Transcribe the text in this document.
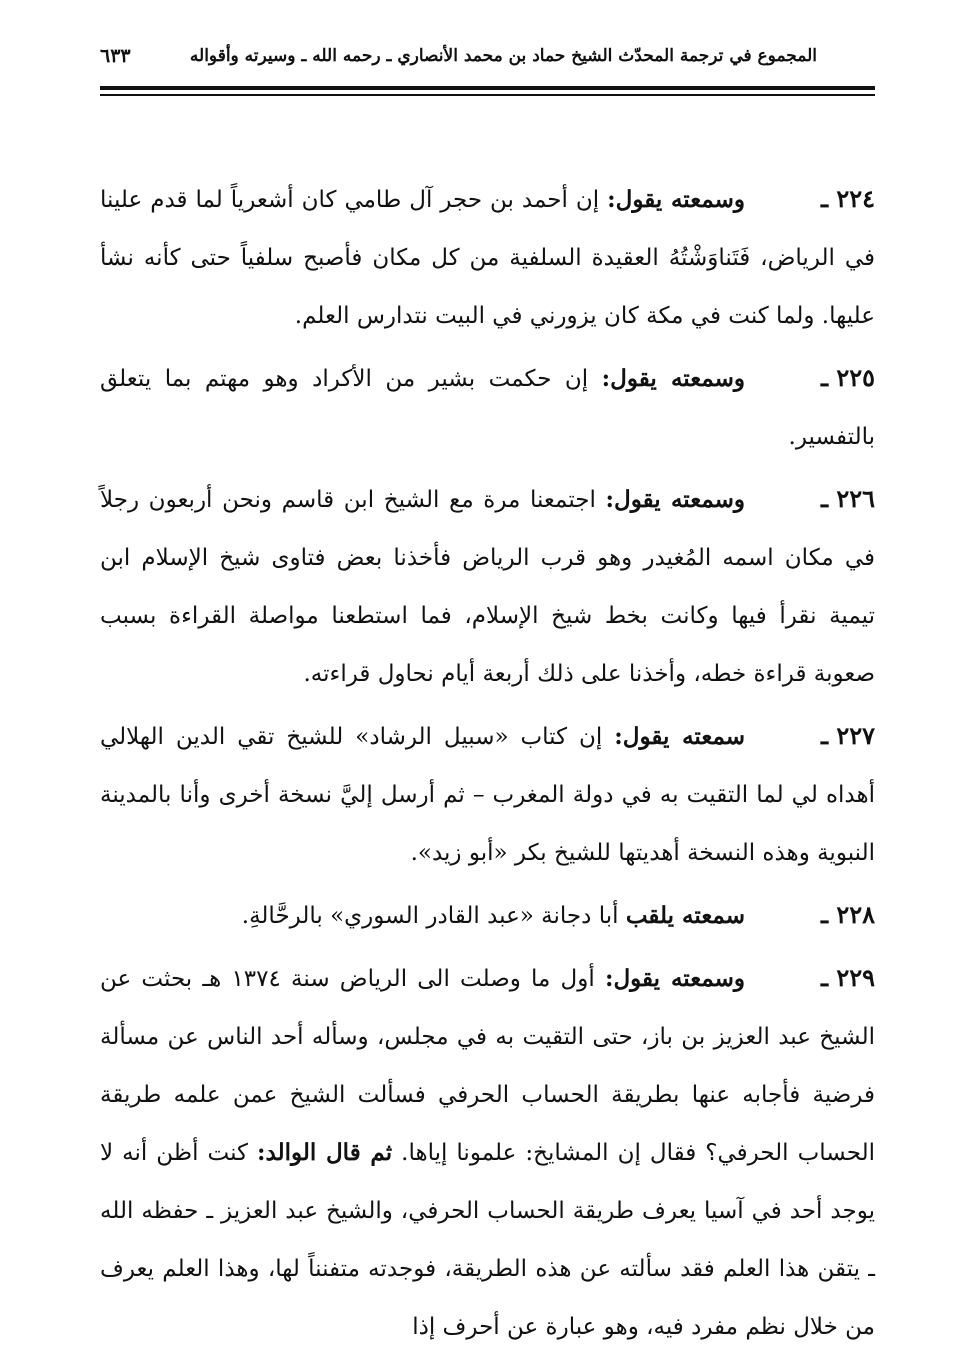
المجموع في ترجمة المحدّث الشيخ حماد بن محمد الأنصاري ـ رحمه الله ـ وسيرته وأقواله
٦٣٣

٢٢٤ ـوسمعته يقول: إن أحمد بن حجر آل طامي كان أشعرياً لما قدم علينا في الرياض، فَتَناوَشْتُهُ العقيدة السلفية من كل مكان فأصبح سلفياً حتى كأنه نشأ عليها. ولما كنت في مكة كان يزورني في البيت نتدارس العلم.

٢٢٥ ـوسمعته يقول: إن حكمت بشير من الأكراد وهو مهتم بما يتعلق بالتفسير.

٢٢٦ ـوسمعته يقول: اجتمعنا مرة مع الشيخ ابن قاسم ونحن أربعون رجلاً في مكان اسمه المُغيدر وهو قرب الرياض فأخذنا بعض فتاوى شيخ الإسلام ابن تيمية نقرأ فيها وكانت بخط شيخ الإسلام، فما استطعنا مواصلة القراءة بسبب صعوبة قراءة خطه، وأخذنا على ذلك أربعة أيام نحاول قراءته.

٢٢٧ ـسمعته يقول: إن كتاب «سبيل الرشاد» للشيخ تقي الدين الهلالي أهداه لي لما التقيت به في دولة المغرب – ثم أرسل إليَّ نسخة أخرى وأنا بالمدينة النبوية وهذه النسخة أهديتها للشيخ بكر «أبو زيد».

٢٢٨ ـسمعته يلقب أبا دجانة «عبد القادر السوري» بالرحَّالةِ.

٢٢٩ ـوسمعته يقول: أول ما وصلت الى الرياض سنة ١٣٧٤ هـ بحثت عن الشيخ عبد العزيز بن باز، حتى التقيت به في مجلس، وسأله أحد الناس عن مسألة فرضية فأجابه عنها بطريقة الحساب الحرفي فسألت الشيخ عمن علمه طريقة الحساب الحرفي؟ فقال إن المشايخ: علمونا إياها. ثم قال الوالد: كنت أظن أنه لا يوجد أحد في آسيا يعرف طريقة الحساب الحرفي، والشيخ عبد العزيز ـ حفظه الله ـ يتقن هذا العلم فقد سألته عن هذه الطريقة، فوجدته متفنناً لها، وهذا العلم يعرف من خلال نظم مفرد فيه، وهو عبارة عن أحرف إذا
